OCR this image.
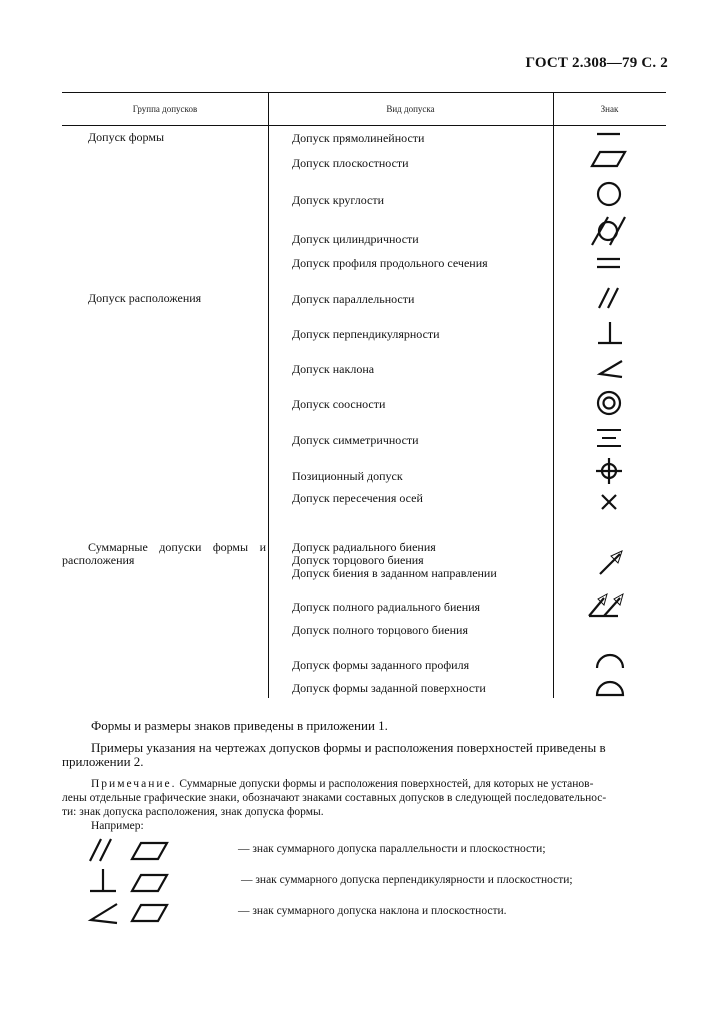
ГОСТ 2.308—79 С. 2
Группа допусков	Вид допуска	Знак
Допуск формы
Допуск расположения
Суммарные допуски формы и расположения
Допуск прямолинейности
Допуск плоскостности
Допуск круглости
Допуск цилиндричности
Допуск профиля продольного сечения
Допуск параллельности
Допуск перпендикулярности
Допуск наклона
Допуск соосности
Допуск симметричности
Позиционный допуск
Допуск пересечения осей
Допуск радиального биения
Допуск торцового биения
Допуск биения в заданном направлении
Допуск полного радиального биения
Допуск полного торцового биения
Допуск формы заданного профиля
Допуск формы заданной поверхности
Формы и размеры знаков приведены в приложении 1.
Примеры указания на чертежах допусков формы и расположения поверхностей приведены в
приложении 2.
Примечание. Суммарные допуски формы и расположения поверхностей, для которых не установ-
лены отдельные графические знаки, обозначают знаками составных допусков в следующей последовательнос-
ти: знак допуска расположения, знак допуска формы.
Например:
— знак суммарного допуска параллельности и плоскостности;
— знак суммарного допуска перпендикулярности и плоскостности;
— знак суммарного допуска наклона и плоскостности.
